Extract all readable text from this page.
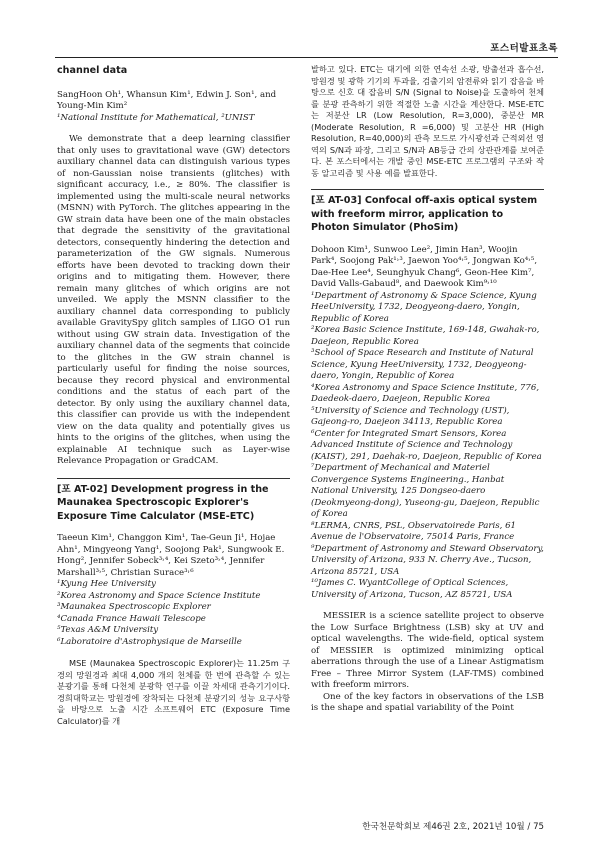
포스터발표초록

channel data

SangHoon Oh¹, Whansun Kim¹, Edwin J. Son¹, and Young-Min Kim²

¹National Institute for Mathematical, ²UNIST

We demonstrate that a deep learning classifier that only uses to gravitational wave (GW) detectors auxiliary channel data can distinguish various types of non-Gaussian noise transients (glitches) with significant accuracy, i.e., ≥ 80%. The classifier is implemented using the multi-scale neural networks (MSNN) with PyTorch. The glitches appearing in the GW strain data have been one of the main obstacles that degrade the sensitivity of the gravitational detectors, consequently hindering the detection and parameterization of the GW signals. Numerous efforts have been devoted to tracking down their origins and to mitigating them. However, there remain many glitches of which origins are not unveiled. We apply the MSNN classifier to the auxiliary channel data corresponding to publicly available GravitySpy glitch samples of LIGO O1 run without using GW strain data. Investigation of the auxiliary channel data of the segments that coincide to the glitches in the GW strain channel is particularly useful for finding the noise sources, because they record physical and environmental conditions and the status of each part of the detector. By only using the auxiliary channel data, this classifier can provide us with the independent view on the data quality and potentially gives us hints to the origins of the glitches, when using the explainable AI technique such as Layer-wise Relevance Propagation or GradCAM.

[포 AT-02] Development progress in the Maunakea Spectroscopic Explorer's Exposure Time Calculator (MSE-ETC)

Taeeun Kim¹, Changgon Kim¹, Tae-Geun Ji¹, Hojae Ahn¹, Mingyeong Yang¹, Soojong Pak¹, Sungwook E. Hong², Jennifer Sobeck³˒⁴, Kei Szeto³˒⁴, Jennifer Marshall³˒⁵, Christian Surace³˒⁶

¹Kyung Hee University

²Korea Astronomy and Space Science Institute

³Maunakea Spectroscopic Explorer

⁴Canada France Hawaii Telescope

⁵Texas A&M University

⁶Laboratoire d'Astrophysique de Marseille

MSE (Maunakea Spectroscopic Explorer)는 11.25m 구경의 망원경과 최대 4,000 개의 천체를 한 번에 관측할 수 있는 분광기를 통해 다천체 분광학 연구를 이끌 차세대 관측기기이다. 경희대학교는 망원경에 장착되는 다천체 분광기의 성능 요구사항을 바탕으로 노출 시간 소프트웨어 ETC (Exposure Time Calculator)를 개

발하고 있다. ETC는 대기에 의한 연속선 소광, 방출선과 흡수선, 망원경 및 광학 기기의 투과율, 검출기의 암전류와 읽기 잡음을 바탕으로 신호 대 잡음비 S/N (Signal to Noise)을 도출하여 천체를 분광 관측하기 위한 적절한 노출 시간을 계산한다. MSE-ETC는 저분산 LR (Low Resolution, R=3,000), 중분산 MR (Moderate Resolution, R =6,000) 및 고분산 HR (High Resolution, R=40,000)의 관측 모드로 가시광선과 근적외선 영역의 S/N과 파장, 그리고 S/N과 AB등급 간의 상관관계를 보여준다. 본 포스터에서는 개발 중인 MSE-ETC 프로그램의 구조와 작동 알고리즘 및 사용 예를 발표한다.

[포 AT-03] Confocal off-axis optical system with freeform mirror, application to Photon Simulator (PhoSim)

Dohoon Kim¹, Sunwoo Lee², Jimin Han³, Woojin Park⁴, Soojong Pak¹˒³, Jaewon Yoo⁴˒⁵, Jongwan Ko⁴˒⁵, Dae-Hee Lee⁴, Seunghyuk Chang⁶, Geon-Hee Kim⁷, David Valls-Gabaud⁸, and Daewook Kim⁹˒¹⁰

¹Department of Astronomy & Space Science, Kyung HeeUniversity, 1732, Deogyeong-daero, Yongin, Republic of Korea

²Korea Basic Science Institute, 169-148, Gwahak-ro, Daejeon, Republic Korea

³School of Space Research and Institute of Natural Science, Kyung HeeUniversity, 1732, Deogyeong-daero, Yongin, Republic of Korea

⁴Korea Astronomy and Space Science Institute, 776, Daedeok-daero, Daejeon, Republic Korea

⁵University of Science and Technology (UST), Gajeong-ro, Daejeon 34113, Republic Korea

⁶Center for Integrated Smart Sensors, Korea Advanced Institute of Science and Technology (KAIST), 291, Daehak-ro, Daejeon, Republic of Korea

⁷Department of Mechanical and Materiel Convergence Systems Engineering., Hanbat National University, 125 Dongseo-daero (Deokmyeong-dong), Yuseong-gu, Daejeon, Republic of Korea

⁸LERMA, CNRS, PSL, Observatoirede Paris, 61 Avenue de l'Observatoire, 75014 Paris, France

⁹Department of Astronomy and Steward Observatory, University of Arizona, 933 N. Cherry Ave., Tucson, Arizona 85721, USA

¹⁰James C. WyantCollege of Optical Sciences, University of Arizona, Tucson, AZ 85721, USA

MESSIER is a science satellite project to observe the Low Surface Brightness (LSB) sky at UV and optical wavelengths. The wide-field, optical system of MESSIER is optimized minimizing optical aberrations through the use of a Linear Astigmatism Free – Three Mirror System (LAF-TMS) combined with freeform mirrors.

One of the key factors in observations of the LSB is the shape and spatial variability of the Point

한국천문학회보 제46권 2호, 2021년 10월 / 75
